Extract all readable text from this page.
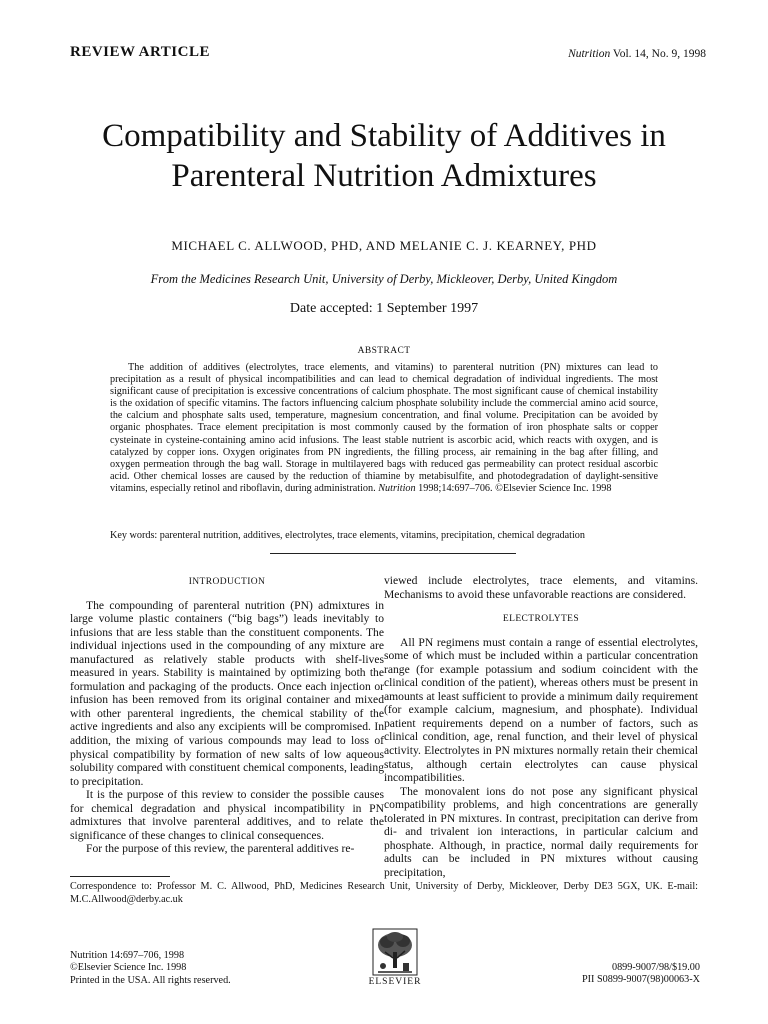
REVIEW ARTICLE	Nutrition Vol. 14, No. 9, 1998
Compatibility and Stability of Additives in
Parenteral Nutrition Admixtures
MICHAEL C. ALLWOOD, PHD, AND MELANIE C. J. KEARNEY, PHD
From the Medicines Research Unit, University of Derby, Mickleover, Derby, United Kingdom
Date accepted: 1 September 1997
ABSTRACT

The addition of additives (electrolytes, trace elements, and vitamins) to parenteral nutrition (PN) mixtures can lead to precipitation as a result of physical incompatibilities and can lead to chemical degradation of individual ingredients. The most significant cause of precipitation is excessive concentrations of calcium phosphate. The most significant cause of chemical instability is the oxidation of specific vitamins. The factors influencing calcium phosphate solubility include the commercial amino acid source, the calcium and phosphate salts used, temperature, magnesium concentration, and final volume. Precipitation can be avoided by organic phosphates. Trace element precipitation is most commonly caused by the formation of iron phosphate salts or copper cysteinate in cysteine-containing amino acid infusions. The least stable nutrient is ascorbic acid, which reacts with oxygen, and is catalyzed by copper ions. Oxygen originates from PN ingredients, the filling process, air remaining in the bag after filling, and oxygen permeation through the bag wall. Storage in multilayered bags with reduced gas permeability can protect residual ascorbic acid. Other chemical losses are caused by the reduction of thiamine by metabisulfite, and photodegradation of daylight-sensitive vitamins, especially retinol and riboflavin, during administration. Nutrition 1998;14:697–706. ©Elsevier Science Inc. 1998

Key words: parenteral nutrition, additives, electrolytes, trace elements, vitamins, precipitation, chemical degradation
INTRODUCTION

The compounding of parenteral nutrition (PN) admixtures in large volume plastic containers (“big bags”) leads inevitably to infusions that are less stable than the constituent components. The individual injections used in the compounding of any mixture are manufactured as relatively stable products with shelf-lives measured in years. Stability is maintained by optimizing both the formulation and packaging of the products. Once each injection or infusion has been removed from its original container and mixed with other parenteral ingredients, the chemical stability of the active ingredients and also any excipients will be compromised. In addition, the mixing of various compounds may lead to loss of physical compatibility by formation of new salts of low aqueous solubility compared with constituent chemical components, leading to precipitation.

It is the purpose of this review to consider the possible causes for chemical degradation and physical incompatibility in PN admixtures that involve parenteral additives, and to relate the significance of these changes to clinical consequences.

For the purpose of this review, the parenteral additives re-

viewed include electrolytes, trace elements, and vitamins. Mechanisms to avoid these unfavorable reactions are considered.

ELECTROLYTES

All PN regimens must contain a range of essential electrolytes, some of which must be included within a particular concentration range (for example potassium and sodium coincident with the clinical condition of the patient), whereas others must be present in amounts at least sufficient to provide a minimum daily requirement (for example calcium, magnesium, and phosphate). Individual patient requirements depend on a number of factors, such as clinical condition, age, renal function, and their level of physical activity. Electrolytes in PN mixtures normally retain their chemical status, although certain electrolytes can cause physical incompatibilities.

The monovalent ions do not pose any significant physical compatibility problems, and high concentrations are generally tolerated in PN mixtures. In contrast, precipitation can derive from di- and trivalent ion interactions, in particular calcium and phosphate. Although, in practice, normal daily requirements for adults can be included in PN mixtures without causing precipitation,

Correspondence to: Professor M. C. Allwood, PhD, Medicines Research Unit, University of Derby, Mickleover, Derby DE3 5GX, UK. E-mail: M.C.Allwood@derby.ac.uk
Nutrition 14:697–706, 1998
©Elsevier Science Inc. 1998
Printed in the USA. All rights reserved.	ELSEVIER
0899-9007/98/$19.00
PII S0899-9007(98)00063-X
